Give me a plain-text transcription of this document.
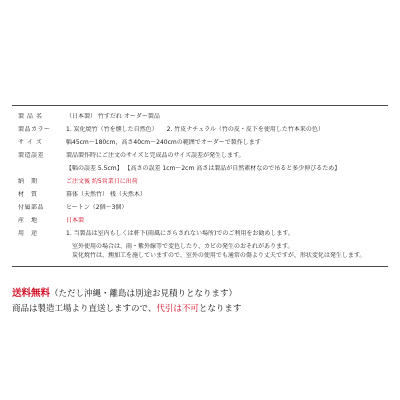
製 品 名	（日本製） 竹すだれ オーダー製品
製品カラー	1. 炭化焼竹（竹を燻した自然色）　　2. 竹皮ナチュラル（竹の皮・皮下を使用した竹本来の色）
サ イ ズ	幅45cm〜180cm，高さ40cm〜240cmの範囲でオーダーで製作します
製造誤差	製品製作時にご注文のサイズと完成品のサイズ誤差が発生します。
	【幅の誤差 5.5cm】 【高さの誤差 1cm〜2cm 高さは製品が自然素材なので吊ると多少伸びるため】
納　期	ご注文後 約5営業日に出荷
材　質	幕体（天然竹） 桟（天然木）
付属部品	ヒートン（2個〜3個）
産　地	日本製
用　途	1. 当製品は室内もしくは軒下(雨風にさらされない場所)でのご利用をお勧めします。
	室外使用の場合は、雨・紫外線等で変色したり、カビの発生のおそれがあります。
	炭化焼竹は、燻加工を施していますので、室外の使用でも通常の傷より丈夫ですが、形状変化は発生します。
送料無料（ただし沖縄・離島は別途お見積りとなります）
商品は製造工場より直送しますので、代引は不可となります
